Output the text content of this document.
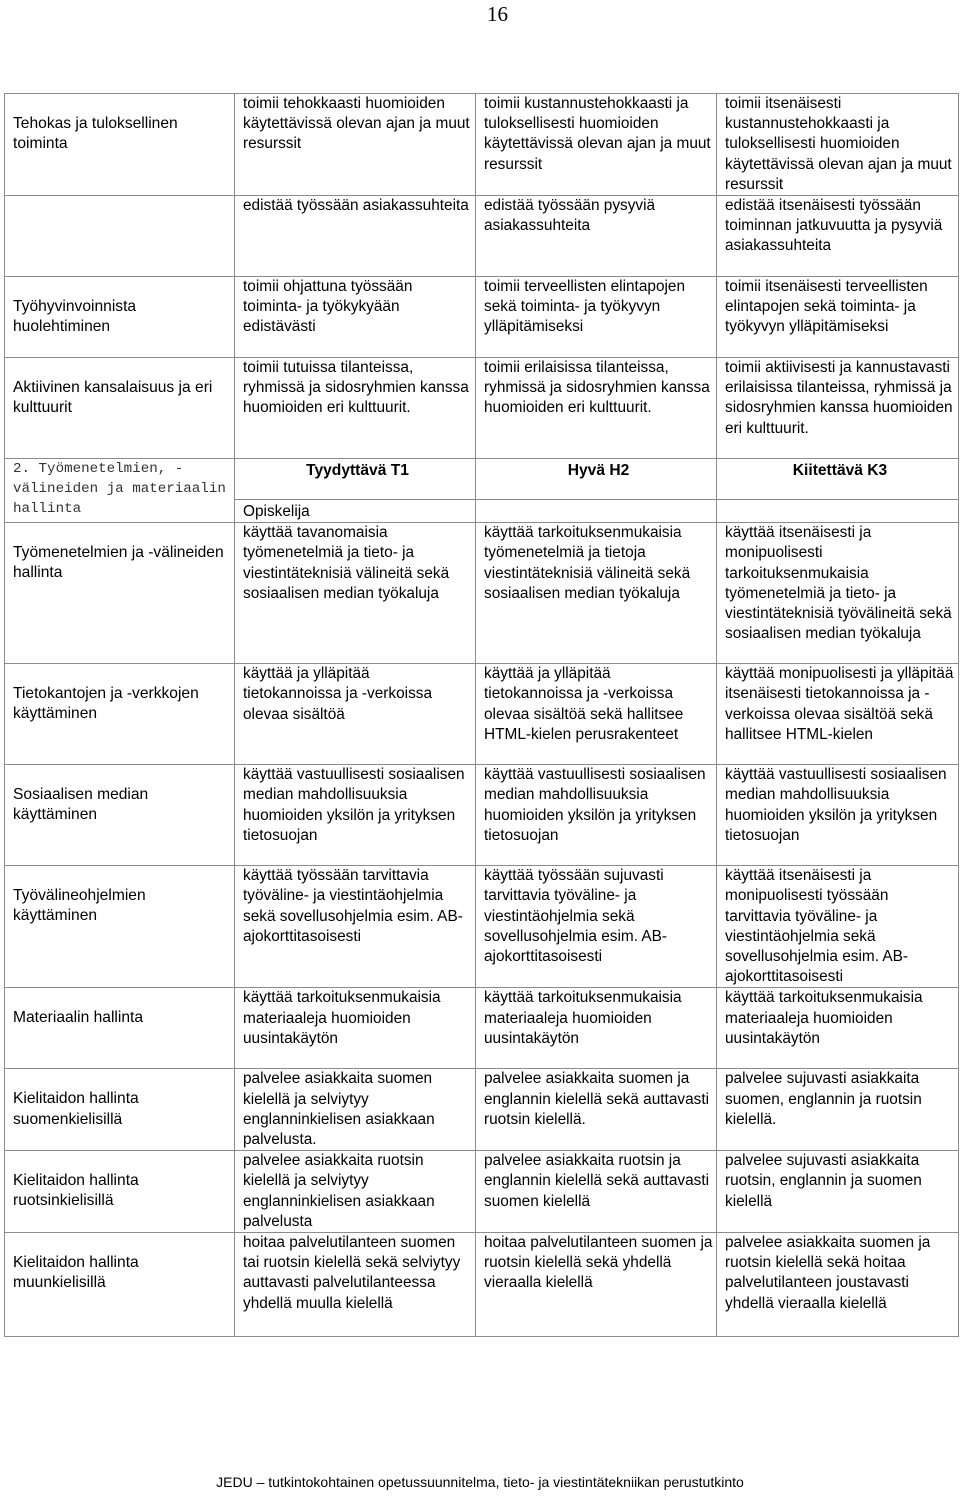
16
Tehokas ja tuloksellinen toiminta	toimii tehokkaasti huomioiden käytettävissä olevan ajan ja muut resurssit	toimii kustannustehokkaasti ja tuloksellisesti huomioiden käytettävissä olevan ajan ja muut resurssit	toimii itsenäisesti kustannustehokkaasti ja tuloksellisesti huomioiden käytettävissä olevan ajan ja muut resurssit
	edistää työssään asiakassuhteita	edistää työssään pysyviä asiakassuhteita	edistää itsenäisesti työssään toiminnan jatkuvuutta ja pysyviä asiakassuhteita
Työhyvinvoinnista huolehtiminen	toimii ohjattuna työssään toiminta- ja työkykyään edistävästi	toimii terveellisten elintapojen sekä toiminta- ja työkyvyn ylläpitämiseksi	toimii itsenäisesti terveellisten elintapojen sekä toiminta- ja työkyvyn ylläpitämiseksi
Aktiivinen kansalaisuus ja eri kulttuurit	toimii tutuissa tilanteissa, ryhmissä ja sidosryhmien kanssa huomioiden eri kulttuurit.	toimii erilaisissa tilanteissa, ryhmissä ja sidosryhmien kanssa huomioiden eri kulttuurit.	toimii aktiivisesti ja kannustavasti erilaisissa tilanteissa, ryhmissä ja sidosryhmien kanssa huomioiden eri kulttuurit.
2. Työmenetelmien, -välineiden ja materiaalin hallinta	Tyydyttävä T1	Hyvä H2	Kiitettävä K3
	Opiskelija		
Työmenetelmien ja -välineiden hallinta	käyttää tavanomaisia työmenetelmiä ja tieto- ja viestintäteknisiä välineitä sekä sosiaalisen median työkaluja	käyttää tarkoituksenmukaisia työmenetelmiä ja tietoja viestintäteknisiä välineitä sekä sosiaalisen median työkaluja	käyttää itsenäisesti ja monipuolisesti tarkoituksenmukaisia työmenetelmiä ja tieto- ja viestintäteknisiä työvälineitä sekä sosiaalisen median työkaluja
Tietokantojen ja -verkkojen käyttäminen	käyttää ja ylläpitää tietokannoissa ja -verkoissa olevaa sisältöä	käyttää ja ylläpitää tietokannoissa ja -verkoissa olevaa sisältöä sekä hallitsee HTML-kielen perusrakenteet	käyttää monipuolisesti ja ylläpitää itsenäisesti tietokannoissa ja -verkoissa olevaa sisältöä sekä hallitsee HTML-kielen
Sosiaalisen median käyttäminen	käyttää vastuullisesti sosiaalisen median mahdollisuuksia huomioiden yksilön ja yrityksen tietosuojan	käyttää vastuullisesti sosiaalisen median mahdollisuuksia huomioiden yksilön ja yrityksen tietosuojan	käyttää vastuullisesti sosiaalisen median mahdollisuuksia huomioiden yksilön ja yrityksen tietosuojan
Työvälineohjelmien käyttäminen	käyttää työssään tarvittavia työväline- ja viestintäohjelmia sekä sovellusohjelmia esim. AB-ajokorttitasoisesti	käyttää työssään sujuvasti tarvittavia työväline- ja viestintäohjelmia sekä sovellusohjelmia esim. AB-ajokorttitasoisesti	käyttää itsenäisesti ja monipuolisesti työssään tarvittavia työväline- ja viestintäohjelmia sekä sovellusohjelmia esim. AB-ajokorttitasoisesti
Materiaalin hallinta	käyttää tarkoituksenmukaisia materiaaleja huomioiden uusintakäytön	käyttää tarkoituksenmukaisia materiaaleja huomioiden uusintakäytön	käyttää tarkoituksenmukaisia materiaaleja huomioiden uusintakäytön
Kielitaidon hallinta suomenkielisillä	palvelee asiakkaita suomen kielellä ja selviytyy englanninkielisen asiakkaan palvelusta.	palvelee asiakkaita suomen ja englannin kielellä sekä auttavasti ruotsin kielellä.	palvelee sujuvasti asiakkaita suomen, englannin ja ruotsin kielellä.
Kielitaidon hallinta ruotsinkielisillä	palvelee asiakkaita ruotsin kielellä ja selviytyy englanninkielisen asiakkaan palvelusta	palvelee asiakkaita ruotsin ja englannin kielellä sekä auttavasti suomen kielellä	palvelee sujuvasti asiakkaita ruotsin, englannin ja suomen kielellä
Kielitaidon hallinta muunkielisillä	hoitaa palvelutilanteen suomen tai ruotsin kielellä sekä selviytyy auttavasti palvelutilanteessa yhdellä muulla kielellä	hoitaa palvelutilanteen suomen ja ruotsin kielellä sekä yhdellä vieraalla kielellä	palvelee asiakkaita suomen ja ruotsin kielellä sekä hoitaa palvelutilanteen joustavasti yhdellä vieraalla kielellä
JEDU – tutkintokohtainen opetussuunnitelma, tieto- ja viestintätekniikan perustutkinto
